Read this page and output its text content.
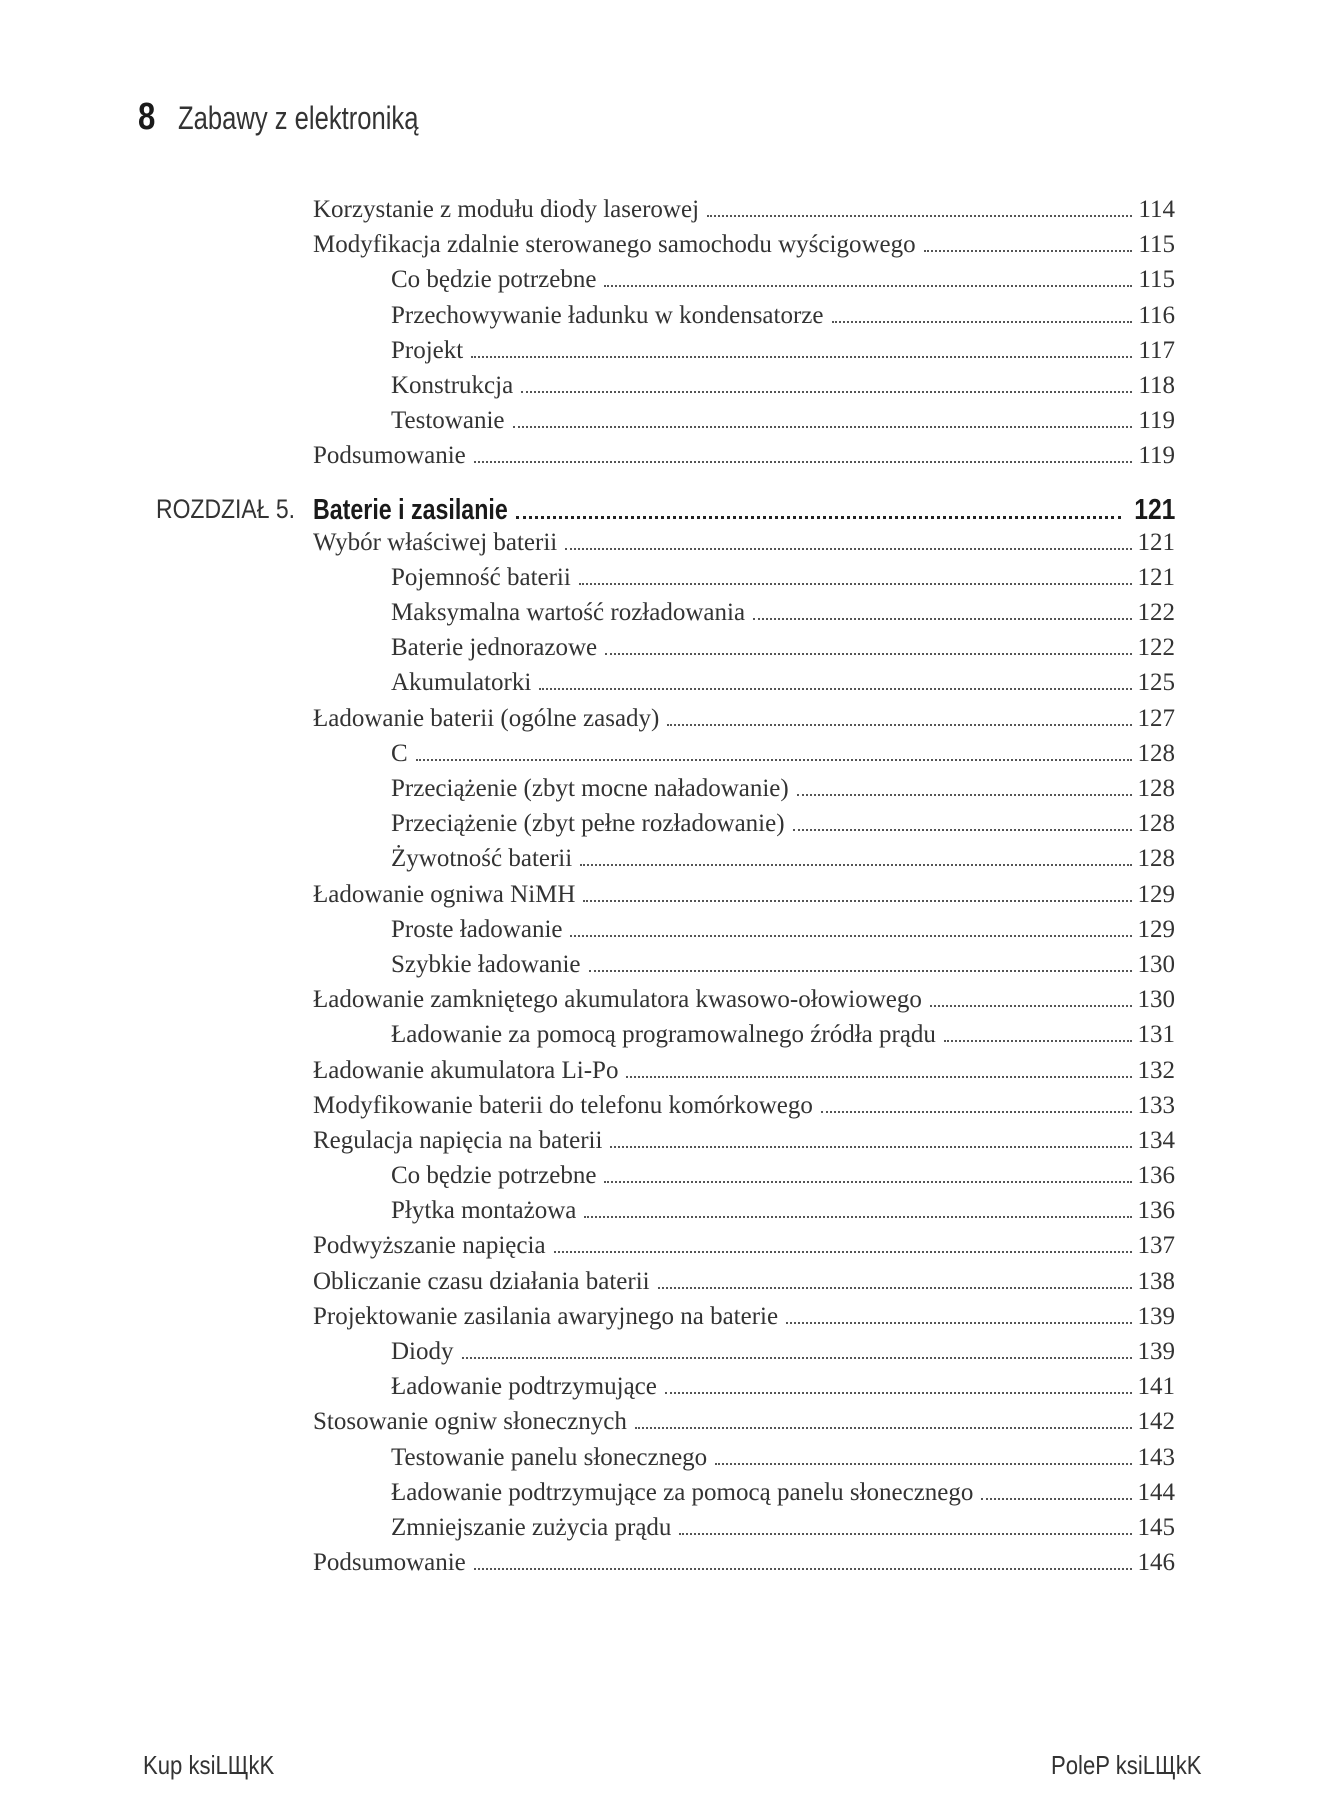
8 Zabawy z elektroniką
Korzystanie z modułu diody laserowej	114
Modyfikacja zdalnie sterowanego samochodu wyścigowego	115
Co będzie potrzebne	115
Przechowywanie ładunku w kondensatorze	116
Projekt	117
Konstrukcja	118
Testowanie	119
Podsumowanie	119
ROZDZIAŁ 5. Baterie i zasilanie	121
Wybór właściwej baterii	121
Pojemność baterii	121
Maksymalna wartość rozładowania	122
Baterie jednorazowe	122
Akumulatorki	125
Ładowanie baterii (ogólne zasady)	127
C	128
Przeciążenie (zbyt mocne naładowanie)	128
Przeciążenie (zbyt pełne rozładowanie)	128
Żywotność baterii	128
Ładowanie ogniwa NiMH	129
Proste ładowanie	129
Szybkie ładowanie	130
Ładowanie zamkniętego akumulatora kwasowo-ołowiowego	130
Ładowanie za pomocą programowalnego źródła prądu	131
Ładowanie akumulatora Li-Po	132
Modyfikowanie baterii do telefonu komórkowego	133
Regulacja napięcia na baterii	134
Co będzie potrzebne	136
Płytka montażowa	136
Podwyższanie napięcia	137
Obliczanie czasu działania baterii	138
Projektowanie zasilania awaryjnego na baterie	139
Diody	139
Ładowanie podtrzymujące	141
Stosowanie ogniw słonecznych	142
Testowanie panelu słonecznego	143
Ładowanie podtrzymujące za pomocą panelu słonecznego	144
Zmniejszanie zużycia prądu	145
Podsumowanie	146
Kup ksiLЩkK	PoleP ksiLЩkK
